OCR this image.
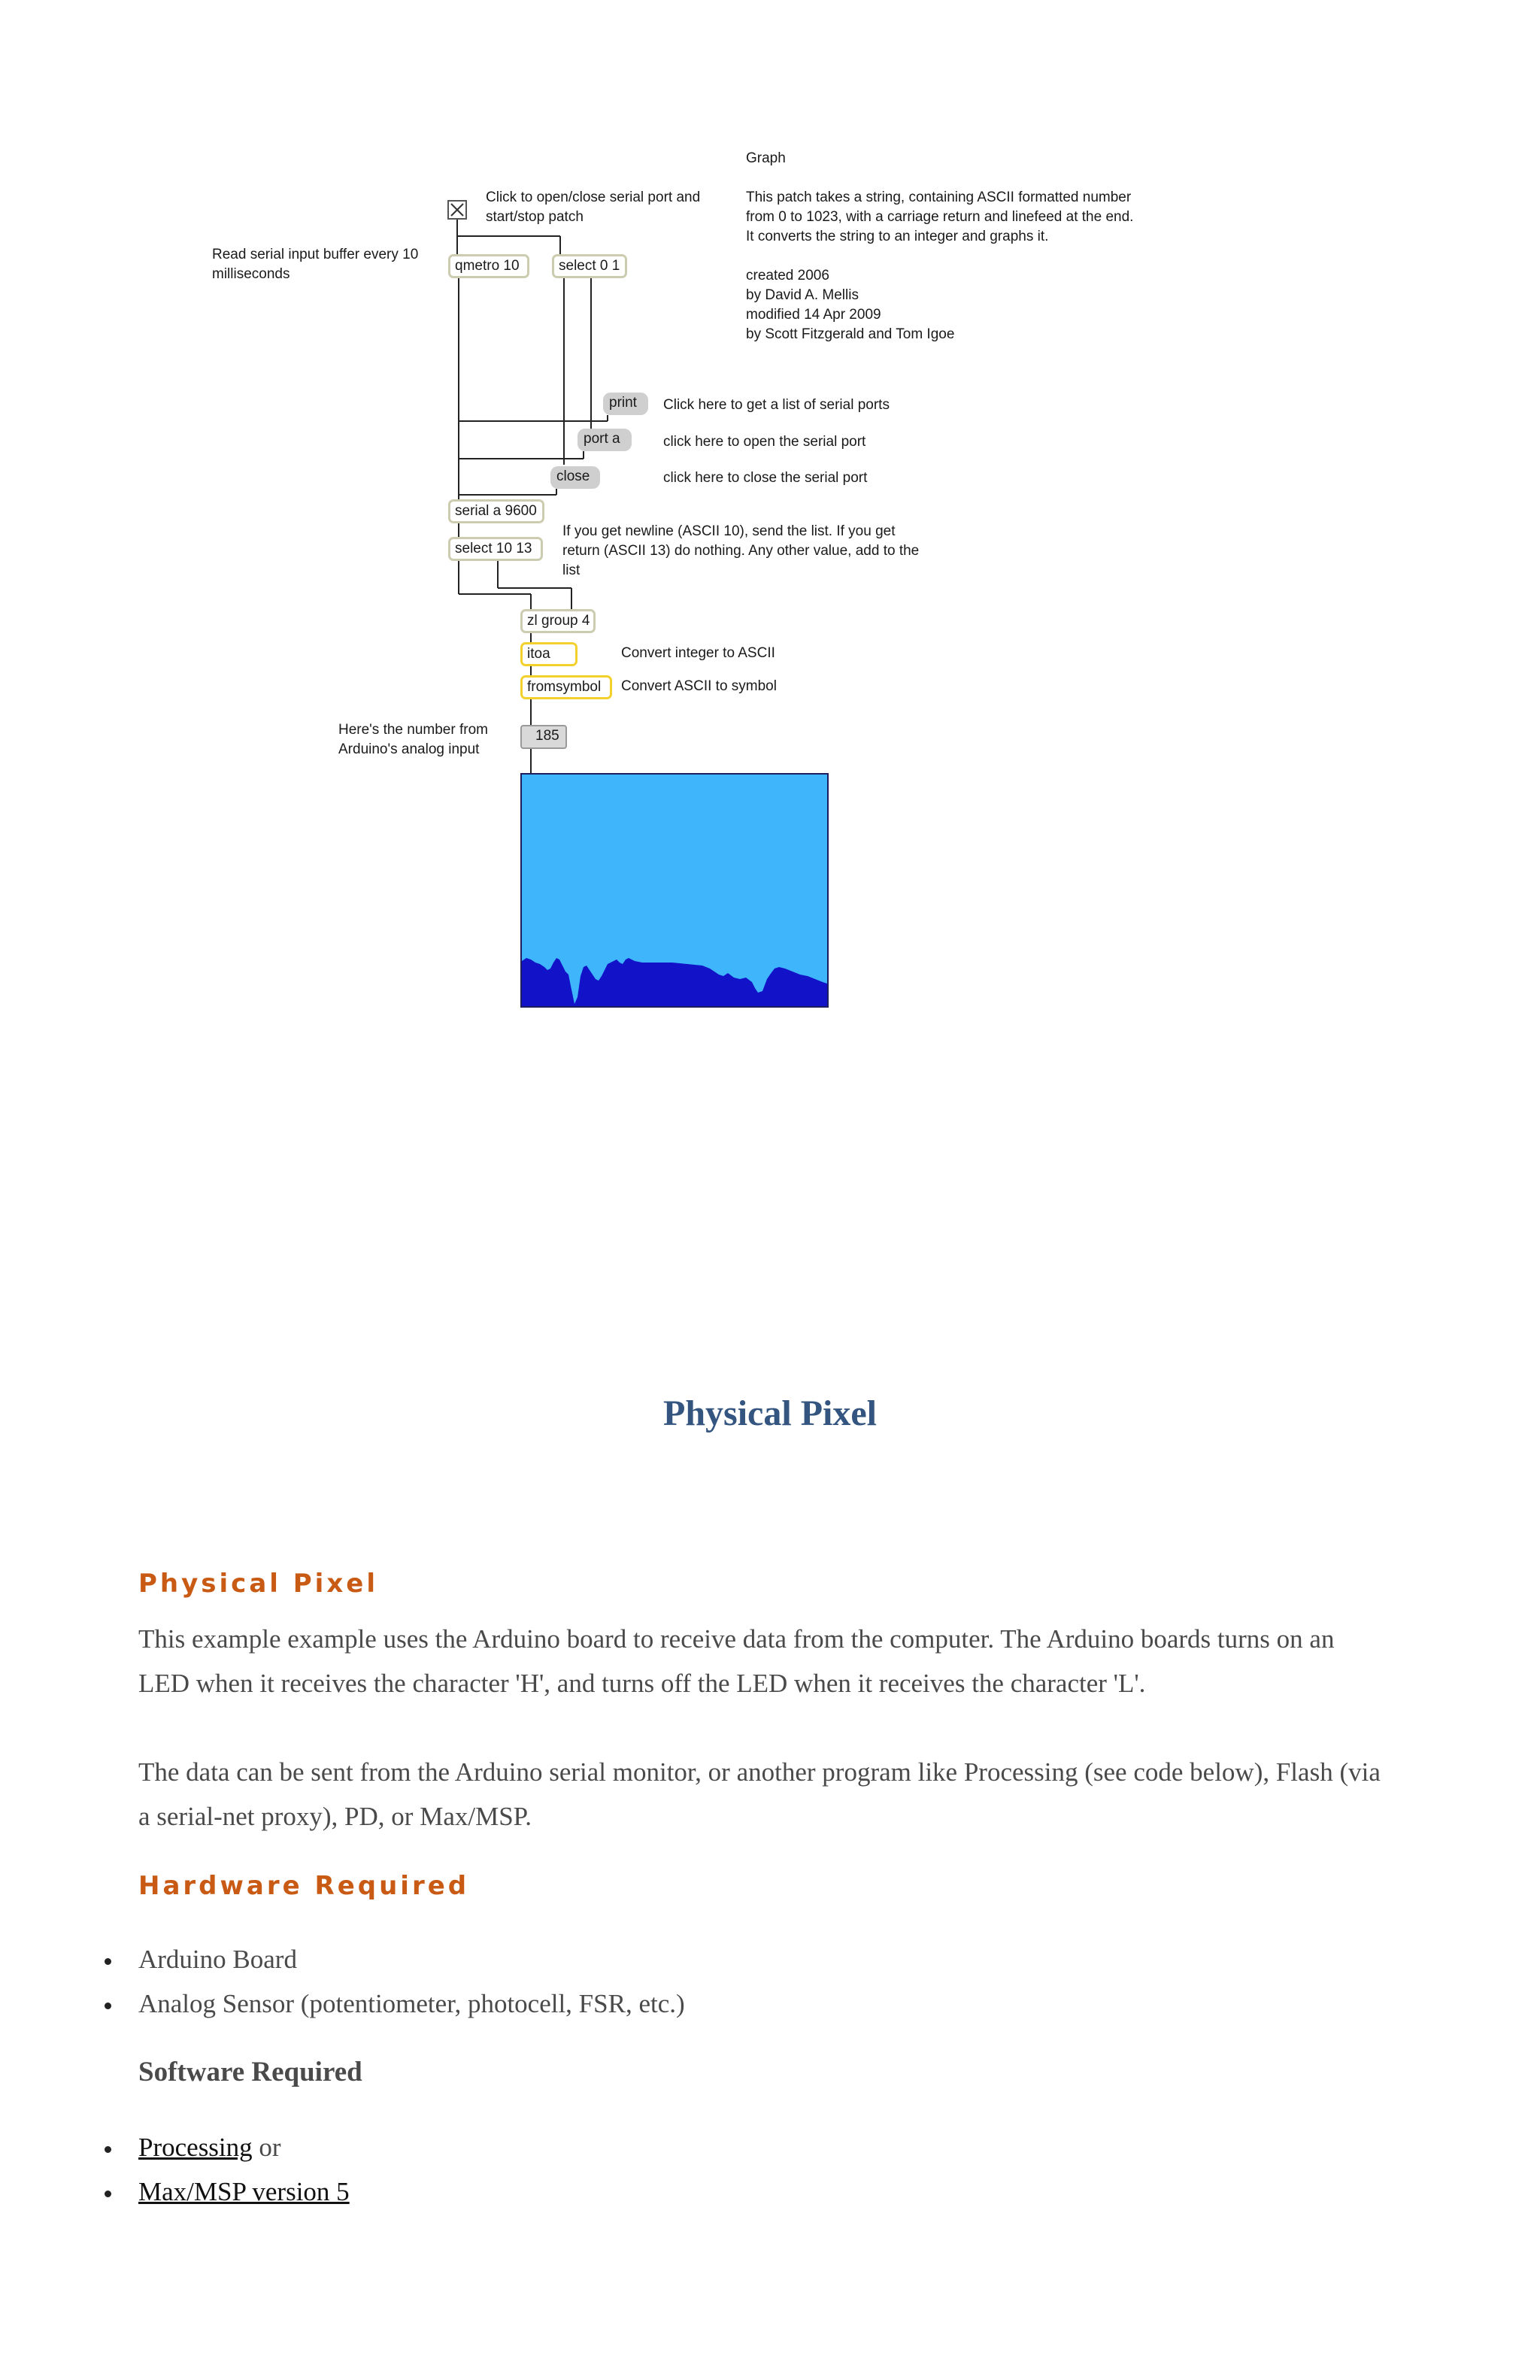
Graph
This patch takes a string, containing ASCII formatted number
from 0 to 1023, with a carriage return and linefeed at the end.
It converts the string to an integer and graphs it.
created 2006
by David A. Mellis
modified 14 Apr 2009
by Scott Fitzgerald and Tom Igoe
Click to open/close serial port and
start/stop patch
Read serial input buffer every 10
milliseconds
qmetro 10	select 0 1
print	Click here to get a list of serial ports
port a	click here to open the serial port
close	click here to close the serial port
serial a 9600
select 10 13
If you get newline (ASCII 10), send the list. If you get
return (ASCII 13) do nothing. Any other value, add to the
list
zl group 4
itoa	Convert integer to ASCII
fromsymbol	Convert ASCII to symbol
Here's the number from
Arduino's analog input
185
Physical Pixel
Physical Pixel

This example example uses the Arduino board to receive data from the computer. The Arduino boards turns on an LED when it receives the character 'H', and turns off the LED when it receives the character 'L'.

The data can be sent from the Arduino serial monitor, or another program like Processing (see code below), Flash (via a serial-net proxy), PD, or Max/MSP.

Hardware Required
Arduino Board
Analog Sensor (potentiometer, photocell, FSR, etc.)
Software Required
Processing or
Max/MSP version 5
